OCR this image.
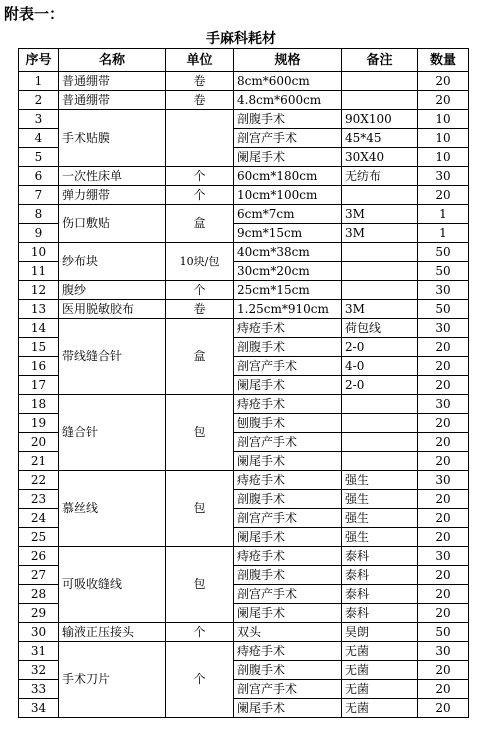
附表一：
手麻科耗材
序号	名称	单位	规格	备注	数量
1	普通绷带	卷	8cm*600cm		20
2	普通绷带	卷	4.8cm*600cm		20
3	手术贴膜		剖腹手术	90X100	10
4			剖宫产手术	45*45	10
5			阑尾手术	30X40	10
6	一次性床单	个	60cm*180cm	无纺布	30
7	弹力绷带	个	10cm*100cm		20
8	伤口敷贴	盒	6cm*7cm	3M	1
9			9cm*15cm	3M	1
10	纱布块	10块/包	40cm*38cm		50
11			30cm*20cm		50
12	腹纱	个	25cm*15cm		30
13	医用脱敏胶布	卷	1.25cm*910cm	3M	50
14	带线缝合针	盒	痔疮手术	荷包线	30
15			剖腹手术	2-0	20
16			剖宫产手术	4-0	20
17			阑尾手术	2-0	20
18	缝合针	包	痔疮手术		30
19			刨腹手术		20
20			剖宫产手术		20
21			阑尾手术		20
22	慕丝线	包	痔疮手术	强生	30
23			剖腹手术	强生	20
24			剖宫产手术	强生	20
25			阑尾手术	强生	20
26	可吸收缝线	包	痔疮手术	泰科	30
27			剖腹手术	泰科	20
28			剖宫产手术	泰科	20
29			阑尾手术	泰科	20
30	输液正压接头	个	双头	昊朗	50
31	手术刀片	个	痔疮手术	无菌	30
32			剖腹手术	无菌	20
33			剖宫产手术	无菌	20
34			阑尾手术	无菌	20
